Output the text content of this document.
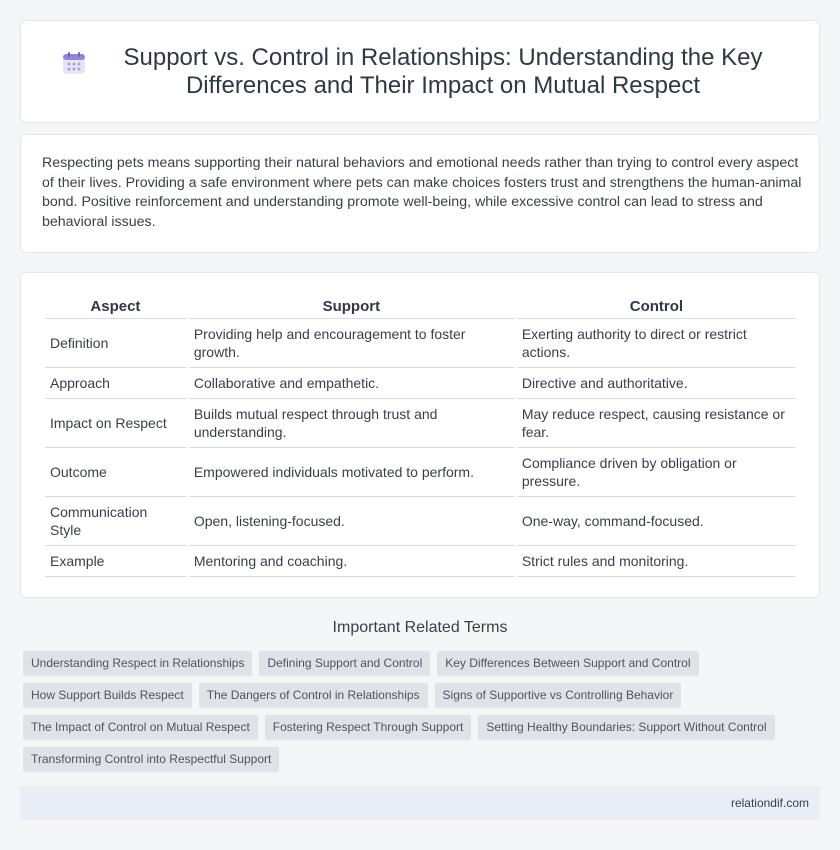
Support vs. Control in Relationships: Understanding the Key Differences and Their Impact on Mutual Respect

Respecting pets means supporting their natural behaviors and emotional needs rather than trying to control every aspect of their lives. Providing a safe environment where pets can make choices fosters trust and strengthens the human-animal bond. Positive reinforcement and understanding promote well-being, while excessive control can lead to stress and behavioral issues.

Aspect	Support	Control
Definition	Providing help and encouragement to foster growth.	Exerting authority to direct or restrict actions.
Approach	Collaborative and empathetic.	Directive and authoritative.
Impact on Respect	Builds mutual respect through trust and understanding.	May reduce respect, causing resistance or fear.
Outcome	Empowered individuals motivated to perform.	Compliance driven by obligation or pressure.
Communication Style	Open, listening-focused.	One-way, command-focused.
Example	Mentoring and coaching.	Strict rules and monitoring.
Important Related Terms
Understanding Respect in Relationships	Defining Support and Control	Key Differences Between Support and Control
How Support Builds Respect	The Dangers of Control in Relationships	Signs of Supportive vs Controlling Behavior
The Impact of Control on Mutual Respect	Fostering Respect Through Support	Setting Healthy Boundaries: Support Without Control
Transforming Control into Respectful Support
relationdif.com
